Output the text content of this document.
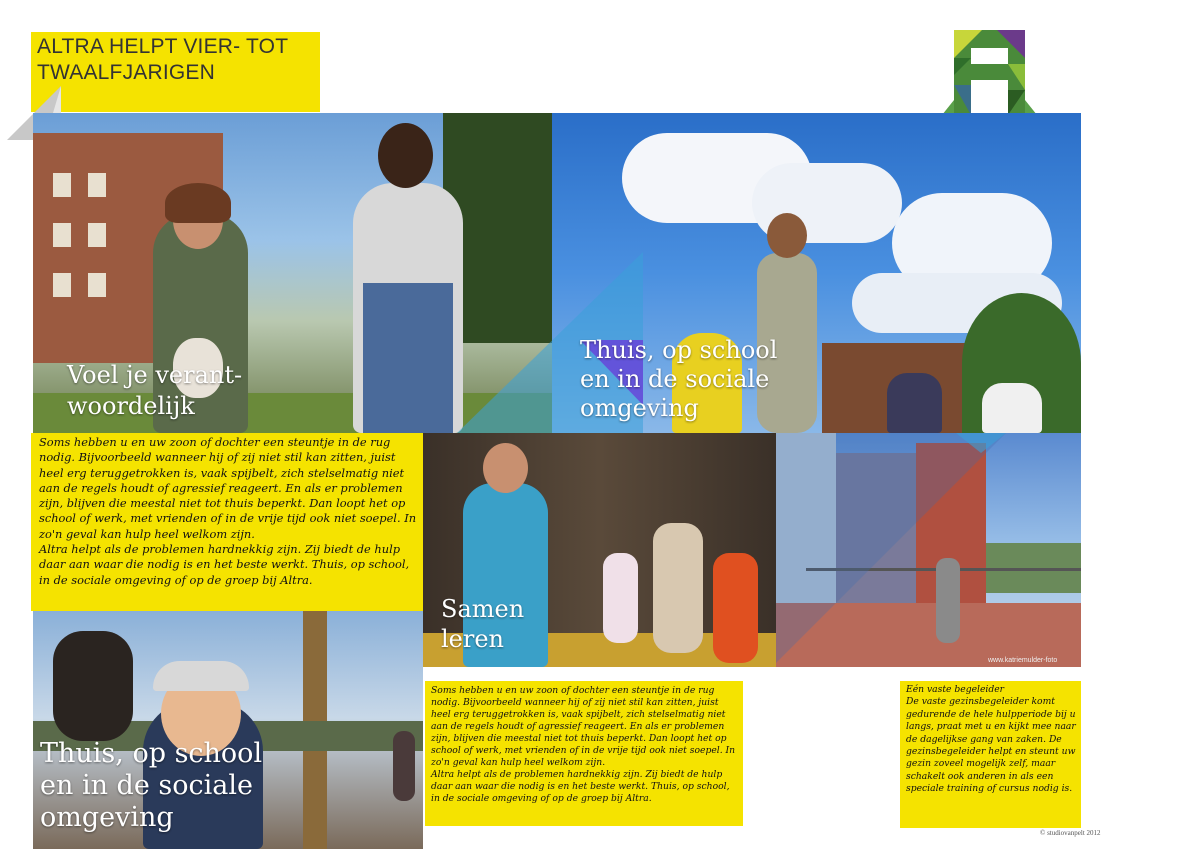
ALTRA HELPT VIER- TOT
TWAALFJARIGEN
Voel je verant-
woordelijk
Thuis, op school
en in de sociale
omgeving
Soms hebben u en uw zoon of dochter een steuntje in de rug nodig. Bijvoorbeeld wanneer hij of zij niet stil kan zitten, juist heel erg teruggetrokken is, vaak spijbelt, zich stelselmatig niet aan de regels houdt of agressief reageert. En als er problemen zijn, blijven die meestal niet tot thuis beperkt. Dan loopt het op school of werk, met vrienden of in de vrije tijd ook niet soepel. In zo'n geval kan hulp heel welkom zijn.
Altra helpt als de problemen hardnekkig zijn. Zij biedt de hulp daar aan waar die nodig is en het beste werkt. Thuis, op school, in de sociale omgeving of op de groep bij Altra.
Samen
leren
www.katriemulder-foto
Thuis, op school
en in de sociale
omgeving
Soms hebben u en uw zoon of dochter een steuntje in de rug nodig. Bijvoorbeeld wanneer hij of zij niet stil kan zitten, juist heel erg teruggetrokken is, vaak spijbelt, zich stelselmatig niet aan de regels houdt of agressief reageert. En als er problemen zijn, blijven die meestal niet tot thuis beperkt. Dan loopt het op school of werk, met vrienden of in de vrije tijd ook niet soepel. In zo'n geval kan hulp heel welkom zijn.
Altra helpt als de problemen hardnekkig zijn. Zij biedt de hulp daar aan waar die nodig is en het beste werkt. Thuis, op school, in de sociale omgeving of op de groep bij Altra.
Eén vaste begeleider
De vaste gezinsbegeleider komt gedurende de hele hulpperiode bij u langs, praat met u en kijkt mee naar de dagelijkse gang van zaken. De gezinsbegeleider helpt en steunt uw gezin zoveel mogelijk zelf, maar schakelt ook anderen in als een speciale training of cursus nodig is.
© studiovanpelt 2012
